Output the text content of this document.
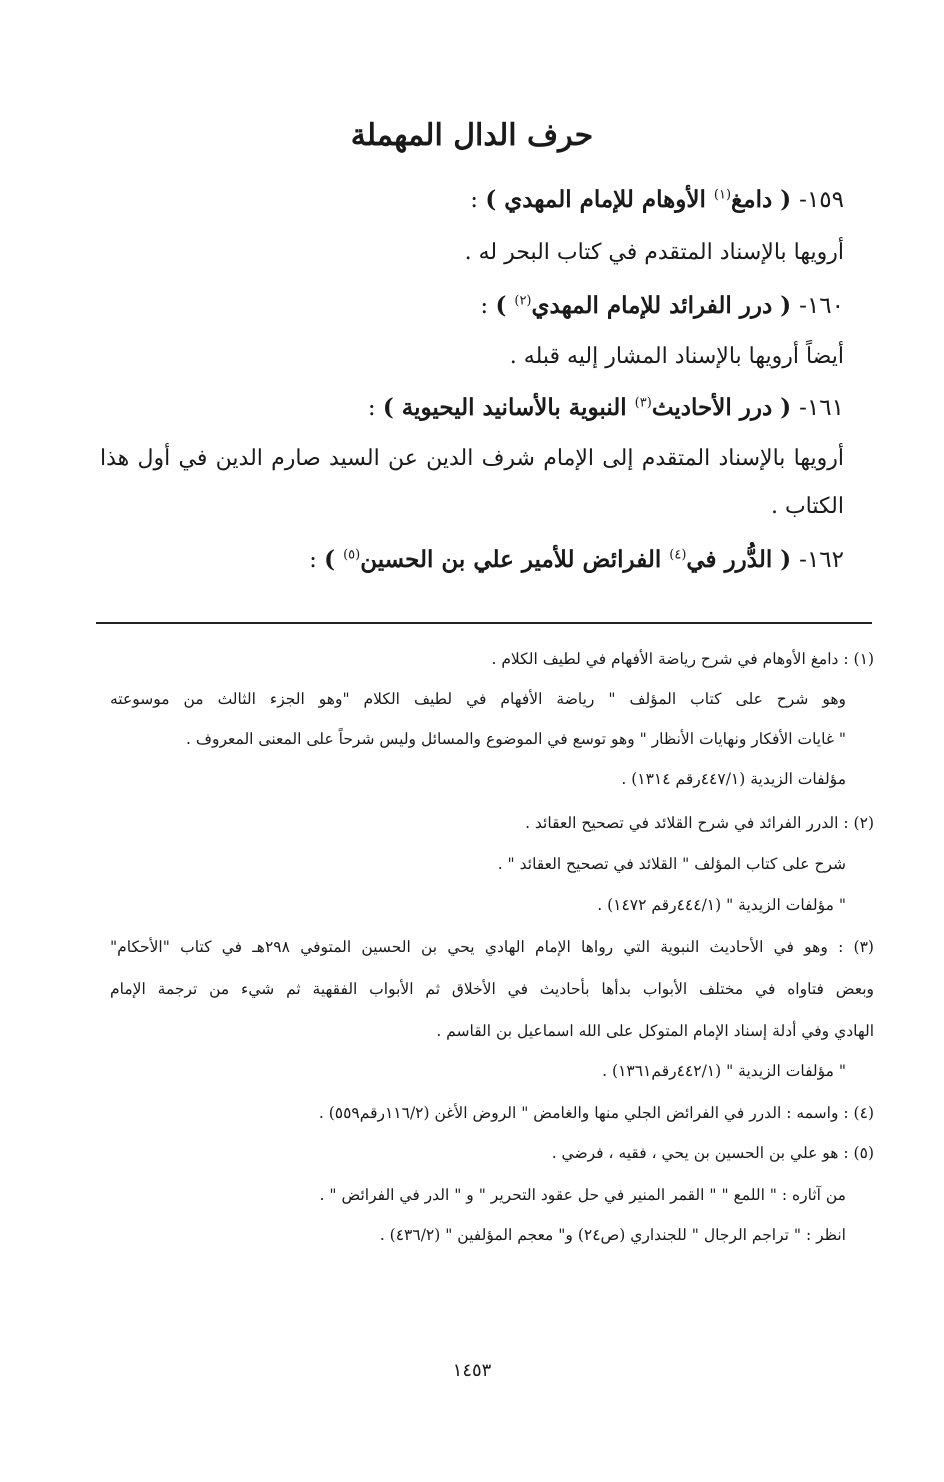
حرف الدال المهملة
١٥٩- ( دامغ$^{(١)}$ الأوهام للإمام المهدي ) :
أرويها بالإسناد المتقدم في كتاب البحر له .
١٦٠- ( درر الفرائد للإمام المهدي$^{(٢)}$ ) :
أيضاً أرويها بالإسناد المشار إليه قبله .
١٦١- ( درر الأحاديث$^{(٣)}$ النبوية بالأسانيد اليحيوية ) :
أرويها بالإسناد المتقدم إلى الإمام شرف الدين عن السيد صارم الدين في أول هذا
الكتاب .
١٦٢- ( الدُّرر في$^{(٤)}$ الفرائض للأمير علي بن الحسين$^{(٥)}$ ) :
(١) : دامغ الأوهام في شرح رياضة الأفهام في لطيف الكلام .
وهو شرح على كتاب المؤلف " رياضة الأفهام في لطيف الكلام "وهو الجزء الثالث من موسوعته
" غايات الأفكار ونهايات الأنظار " وهو توسع في الموضوع والمسائل وليس شرحاً على المعنى المعروف .
مؤلفات الزيدية (٤٤٧/١رقم ١٣١٤) .
(٢) : الدرر الفرائد في شرح القلائد في تصحيح العقائد .
شرح على كتاب المؤلف " القلائد في تصحيح العقائد " .
" مؤلفات الزيدية " (٤٤٤/١رقم ١٤٧٢) .
(٣) : وهو في الأحاديث النبوية التي رواها الإمام الهادي يحي بن الحسين المتوفي ٢٩٨هـ في كتاب "الأحكام"
وبعض فتاواه في مختلف الأبواب بدأها بأحاديث في الأخلاق ثم الأبواب الفقهية ثم شيء من ترجمة الإمام
الهادي وفي أدلة إسناد الإمام المتوكل على الله اسماعيل بن القاسم .
" مؤلفات الزيدية " (٤٤٢/١رقم١٣٦١) .
(٤) : واسمه : الدرر في الفرائض الجلي منها والغامض " الروض الأغن (١١٦/٢رقم٥٥٩) .
(٥) : هو علي بن الحسين بن يحي ، فقيه ، فرضي .
من آثاره : " اللمع " " القمر المنير في حل عقود التحرير " و " الدر في الفرائض " .
انظر : " تراجم الرجال " للجنداري (ص٢٤) و" معجم المؤلفين " (٤٣٦/٢) .
١٤٥٣
